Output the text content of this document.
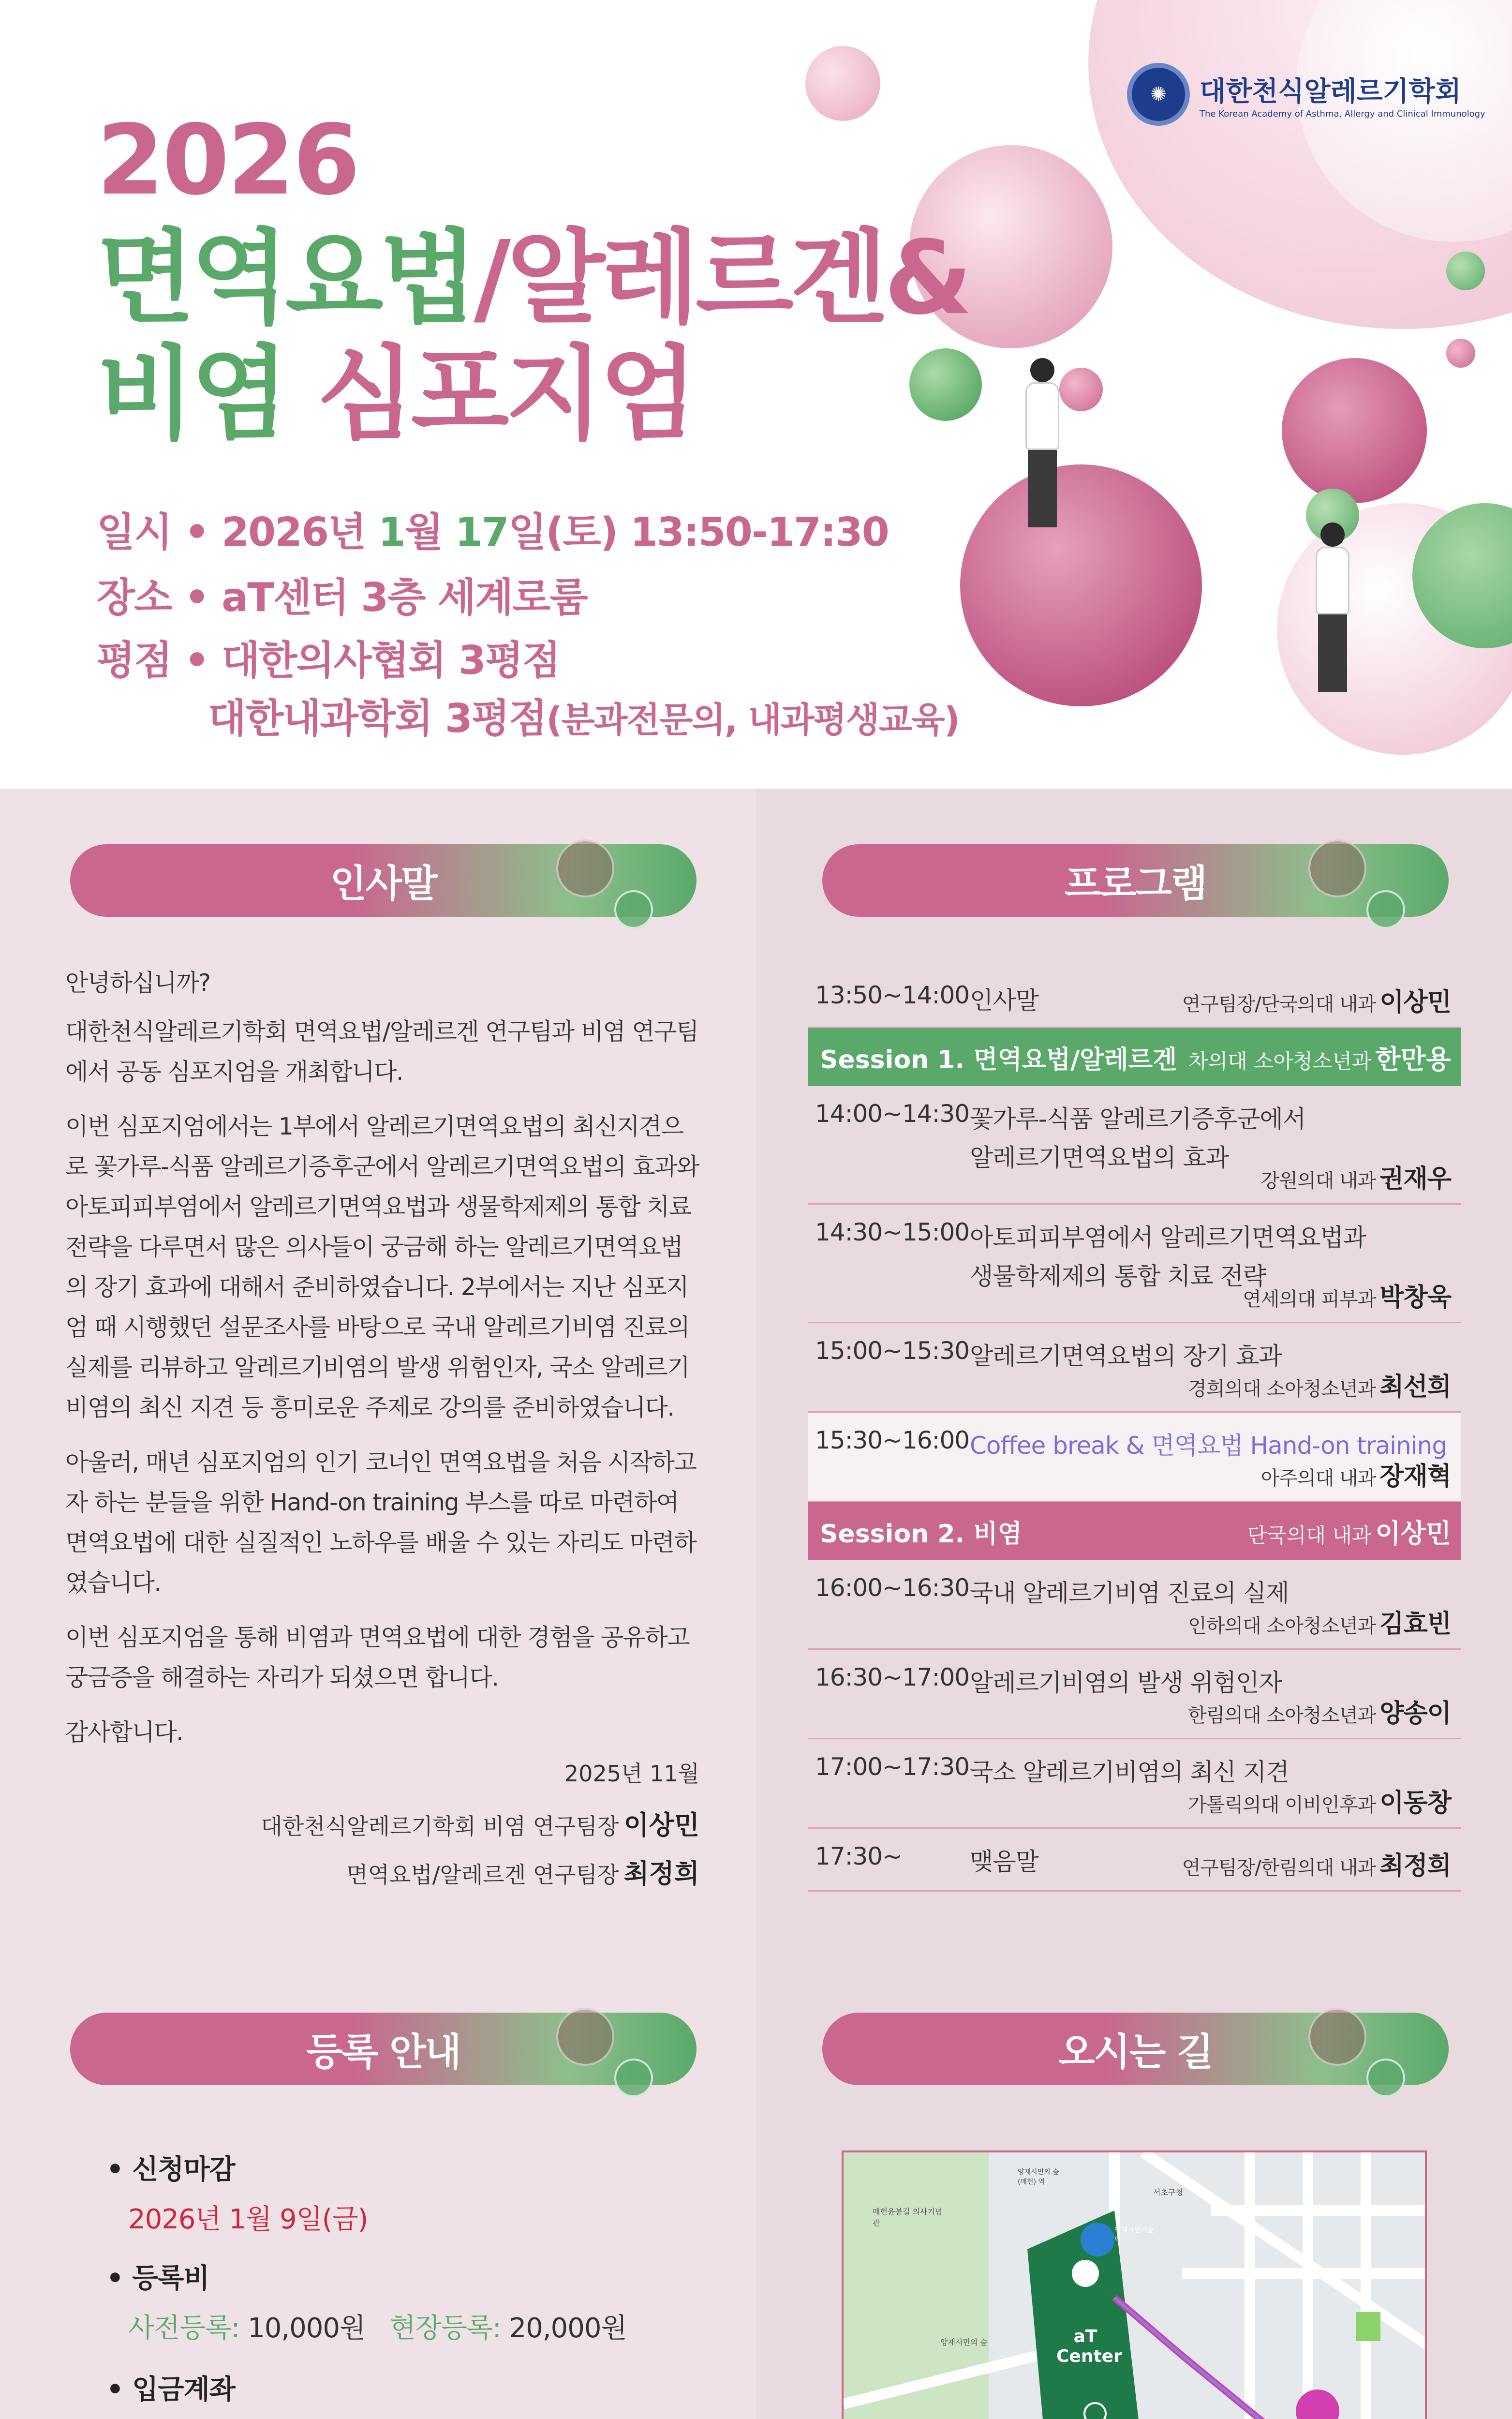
✺	대한천식알레르기학회
The Korean Academy of Asthma, Allergy and Clinical Immunology
2026
면역요법/알레르겐&
비염 심포지엄
일시 • 2026년 1월 17일(토) 13:50-17:30
장소 • aT센터 3층 세계로룸
평점 • 대한의사협회 3평점
대한내과학회 3평점(분과전문의, 내과평생교육)
인사말	프로그램

안녕하십니까?

대한천식알레르기학회 면역요법/알레르겐 연구팀과 비염 연구팀에서 공동 심포지엄을 개최합니다.

이번 심포지엄에서는 1부에서 알레르기면역요법의 최신지견으로 꽃가루-식품 알레르기증후군에서 알레르기면역요법의 효과와 아토피피부염에서 알레르기면역요법과 생물학제제의 통합 치료 전략을 다루면서 많은 의사들이 궁금해 하는 알레르기면역요법의 장기 효과에 대해서 준비하였습니다. 2부에서는 지난 심포지엄 때 시행했던 설문조사를 바탕으로 국내 알레르기비염 진료의 실제를 리뷰하고 알레르기비염의 발생 위험인자, 국소 알레르기비염의 최신 지견 등 흥미로운 주제로 강의를 준비하였습니다.

아울러, 매년 심포지엄의 인기 코너인 면역요법을 처음 시작하고자 하는 분들을 위한 Hand-on training 부스를 따로 마련하여 면역요법에 대한 실질적인 노하우를 배울 수 있는 자리도 마련하였습니다.

이번 심포지엄을 통해 비염과 면역요법에 대한 경험을 공유하고 궁금증을 해결하는 자리가 되셨으면 합니다.

감사합니다.

2025년 11월
대한천식알레르기학회 비염 연구팀장 이상민
면역요법/알레르겐 연구팀장 최정희
13:50~14:00 인사말	연구팀장/단국의대 내과 이상민
Session 1. 면역요법/알레르겐 차의대 소아청소년과 한만용
14:00~14:30 꽃가루-식품 알레르기증후군에서
알레르기면역요법의 효과
강원의대 내과 권재우
14:30~15:00 아토피피부염에서 알레르기면역요법과
생물학제제의 통합 치료 전략
연세의대 피부과 박창욱
15:00~15:30 알레르기면역요법의 장기 효과
경희의대 소아청소년과 최선희
15:30~16:00 Coffee break & 면역요법 Hand-on training
아주의대 내과 장재혁
Session 2. 비염	단국의대 내과 이상민
16:00~16:30 국내 알레르기비염 진료의 실제
인하의대 소아청소년과 김효빈
16:30~17:00 알레르기비염의 발생 위험인자
한림의대 소아청소년과 양송이
17:00~17:30 국소 알레르기비염의 최신 지견
가톨릭의대 이비인후과 이동창
17:30~	맺음말	연구팀장/한림의대 내과 최정희
등록 안내	오시는 길
• 신청마감
2026년 1월 9일(금)
• 등록비
사전등록: 10,000원 현장등록: 20,000원
• 입금계좌

aT Center
매헌윤봉길 의사기념관
양재시민의 숲
서초구청
양재시민의 숲(매헌) 역
양재시민의숲역
